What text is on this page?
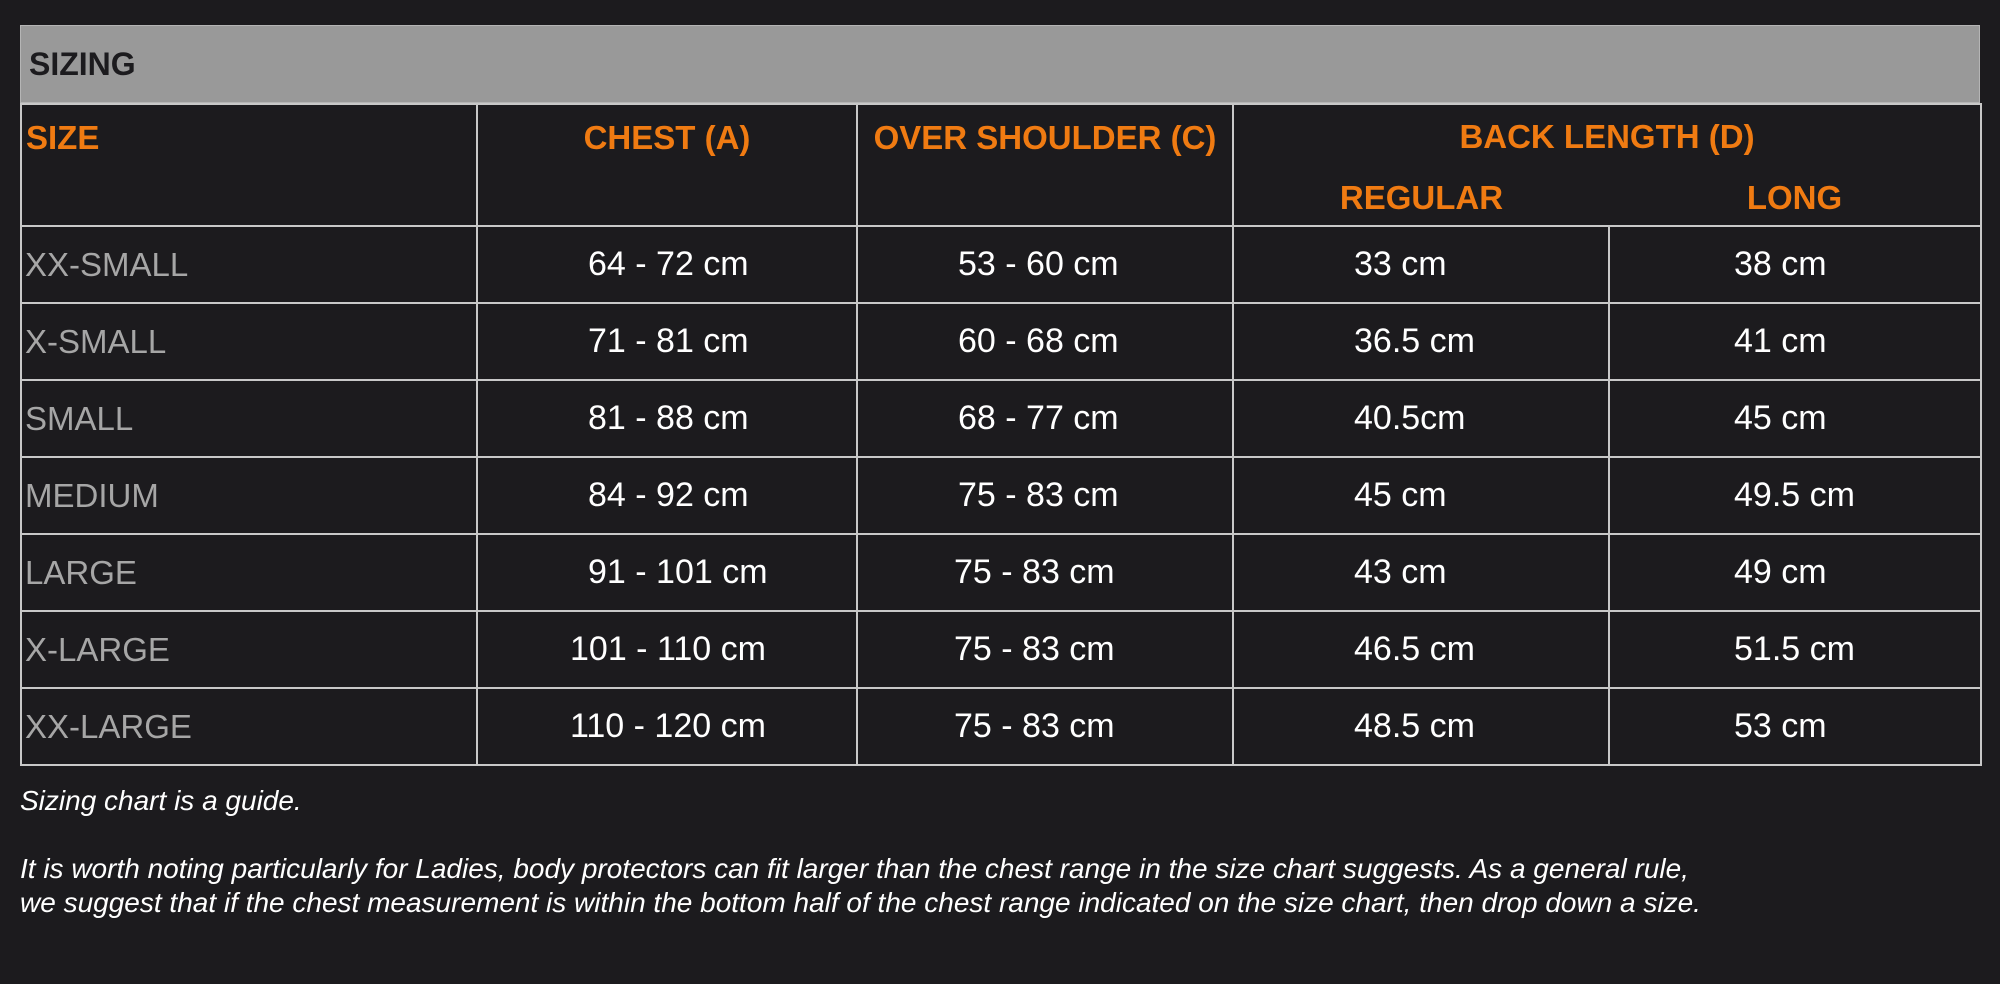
SIZING
SIZE	CHEST (A)	OVER SHOULDER (C)	BACK LENGTH (D)	
			REGULAR	LONG
XX-SMALL	64 - 72 cm	53 - 60 cm	33 cm	38 cm
X-SMALL	71 - 81 cm	60 - 68 cm	36.5 cm	41 cm
SMALL	81 - 88 cm	68 - 77 cm	40.5cm	45 cm
MEDIUM	84 - 92 cm	75 - 83 cm	45 cm	49.5 cm
LARGE	91 - 101 cm	75 - 83 cm	43 cm	49 cm
X-LARGE	101 - 110 cm	75 - 83 cm	46.5 cm	51.5 cm
XX-LARGE	110 - 120 cm	75 - 83 cm	48.5 cm	53 cm

Sizing chart is a guide.

It is worth noting particularly for Ladies, body protectors can fit larger than the chest range in the size chart suggests. As a general rule,

we suggest that if the chest measurement is within the bottom half of the chest range indicated on the size chart, then drop down a size.
